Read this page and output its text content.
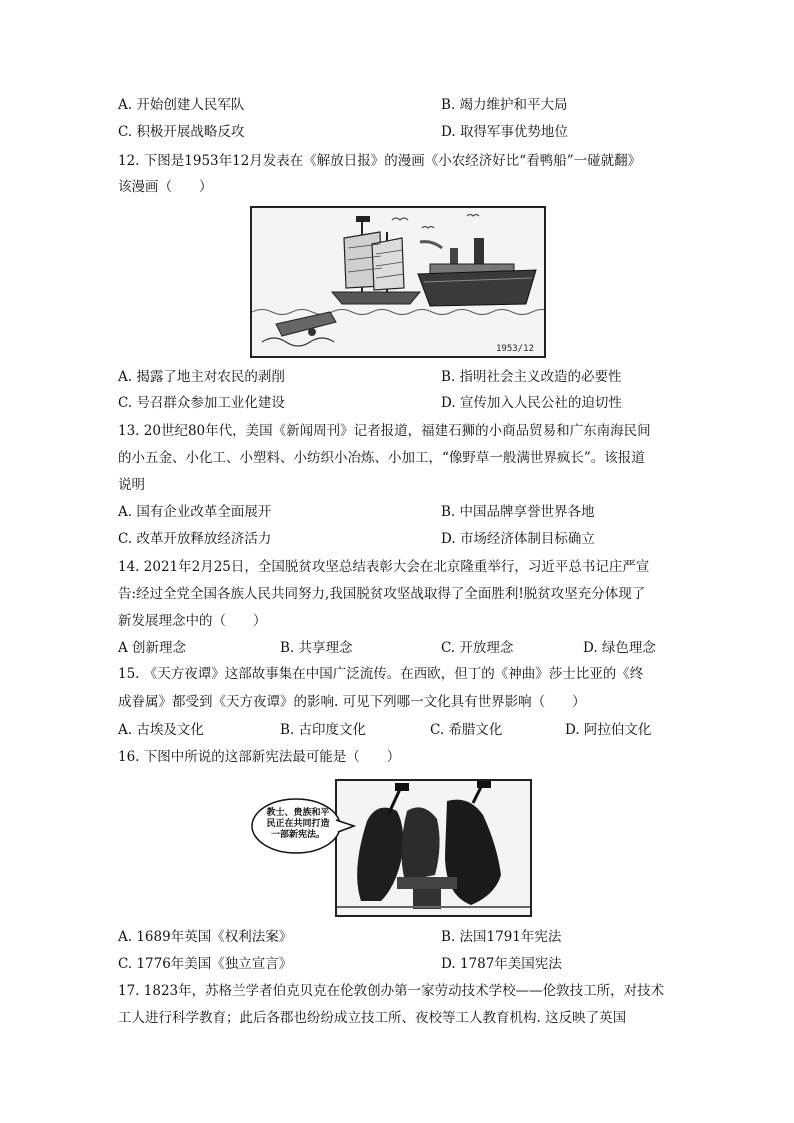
A. 开始创建人民军队	B. 竭力维护和平大局
C. 积极开展战略反攻	D. 取得军事优势地位
12. 下图是1953年12月发表在《解放日报》的漫画《小农经济好比“看鸭船”一碰就翻》
该漫画（　　）
1953/12
A. 揭露了地主对农民的剥削	B. 指明社会主义改造的必要性
C. 号召群众参加工业化建设	D. 宣传加入人民公社的迫切性
13. 20世纪80年代，美国《新闻周刊》记者报道，福建石狮的小商品贸易和广东南海民间
的小五金、小化工、小塑料、小纺织小冶炼、小加工，“像野草一般满世界疯长”。该报道
说明
A. 国有企业改革全面展开	B. 中国品牌享誉世界各地
C. 改革开放释放经济活力	D. 市场经济体制目标确立
14. 2021年2月25日，全国脱贫攻坚总结表彰大会在北京隆重举行，习近平总书记庄严宣
告:经过全党全国各族人民共同努力,我国脱贫攻坚战取得了全面胜利!脱贫攻坚充分体现了
新发展理念中的（　　）
A 创新理念	B. 共享理念	C. 开放理念	D. 绿色理念
15. 《天方夜谭》这部故事集在中国广泛流传。在西欧，但丁的《神曲》莎士比亚的《终
成眷属》都受到《天方夜谭》的影响. 可见下列哪一文化具有世界影响（　　）
A. 古埃及文化	B. 古印度文化	C. 希腊文化	D. 阿拉伯文化
16. 下图中所说的这部新宪法最可能是（　　）
教士、贵族和平
民正在共同打造
一部新宪法。
A. 1689年英国《权利法案》	B. 法国1791年宪法
C. 1776年美国《独立宣言》	D. 1787年美国宪法
17. 1823年，苏格兰学者伯克贝克在伦敦创办第一家劳动技术学校——伦敦技工所，对技术
工人进行科学教育；此后各郡也纷纷成立技工所、夜校等工人教育机构. 这反映了英国
